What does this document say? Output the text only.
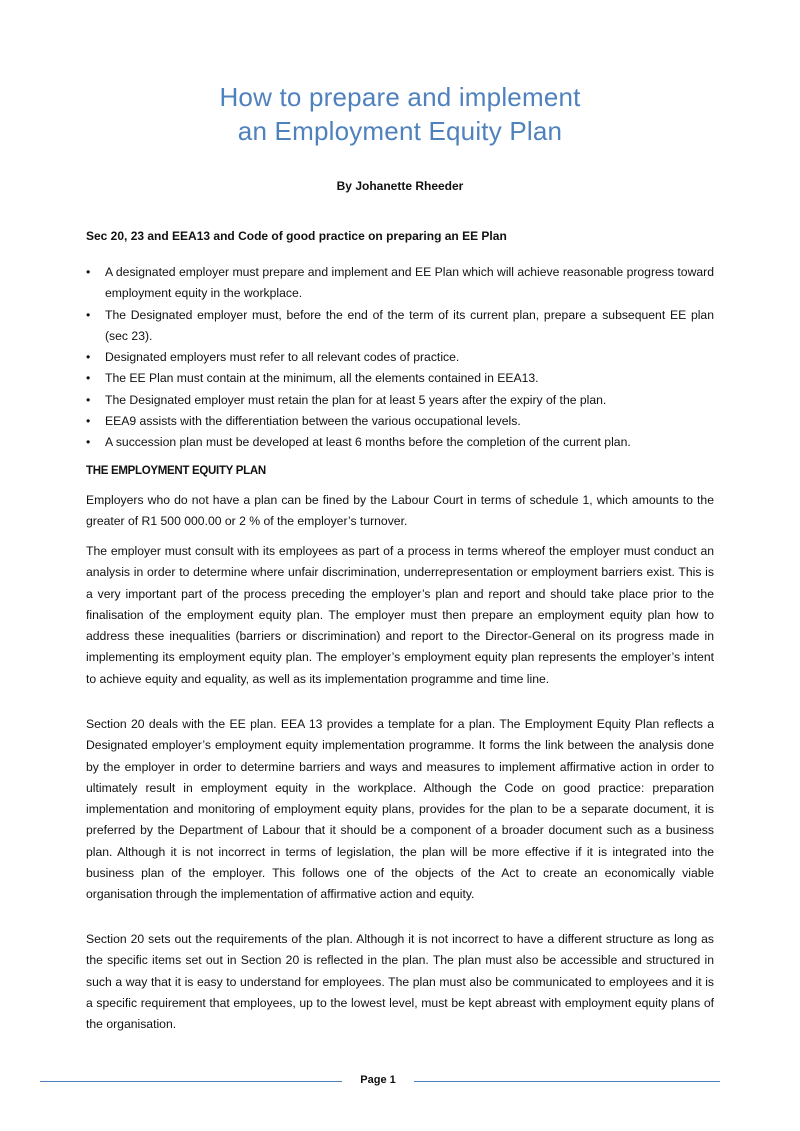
How to prepare and implement
an Employment Equity Plan
By Johanette Rheeder
Sec 20, 23 and EEA13 and Code of good practice on preparing an EE Plan
• A designated employer must prepare and implement and EE Plan which will achieve reasonable progress toward employment equity in the workplace.
• The Designated employer must, before the end of the term of its current plan, prepare a subsequent EE plan (sec 23).
• Designated employers must refer to all relevant codes of practice.
• The EE Plan must contain at the minimum, all the elements contained in EEA13.
• The Designated employer must retain the plan for at least 5 years after the expiry of the plan.
• EEA9 assists with the differentiation between the various occupational levels.
• A succession plan must be developed at least 6 months before the completion of the current plan.
THE EMPLOYMENT EQUITY PLAN

Employers who do not have a plan can be fined by the Labour Court in terms of schedule 1, which amounts to the greater of R1 500 000.00 or 2 % of the employer’s turnover.

The employer must consult with its employees as part of a process in terms whereof the employer must conduct an analysis in order to determine where unfair discrimination, underrepresentation or employment barriers exist. This is a very important part of the process preceding the employer’s plan and report and should take place prior to the finalisation of the employment equity plan. The employer must then prepare an employment equity plan how to address these inequalities (barriers or discrimination) and report to the Director-General on its progress made in implementing its employment equity plan. The employer’s employment equity plan represents the employer’s intent to achieve equity and equality, as well as its implementation programme and time line.

Section 20 deals with the EE plan. EEA 13 provides a template for a plan. The Employment Equity Plan reflects a Designated employer’s employment equity implementation programme. It forms the link between the analysis done by the employer in order to determine barriers and ways and measures to implement affirmative action in order to ultimately result in employment equity in the workplace. Although the Code on good practice: preparation implementation and monitoring of employment equity plans, provides for the plan to be a separate document, it is preferred by the Department of Labour that it should be a component of a broader document such as a business plan. Although it is not incorrect in terms of legislation, the plan will be more effective if it is integrated into the business plan of the employer. This follows one of the objects of the Act to create an economically viable organisation through the implementation of affirmative action and equity.

Section 20 sets out the requirements of the plan. Although it is not incorrect to have a different structure as long as the specific items set out in Section 20 is reflected in the plan. The plan must also be accessible and structured in such a way that it is easy to understand for employees. The plan must also be communicated to employees and it is a specific requirement that employees, up to the lowest level, must be kept abreast with employment equity plans of the organisation.

Page 1
